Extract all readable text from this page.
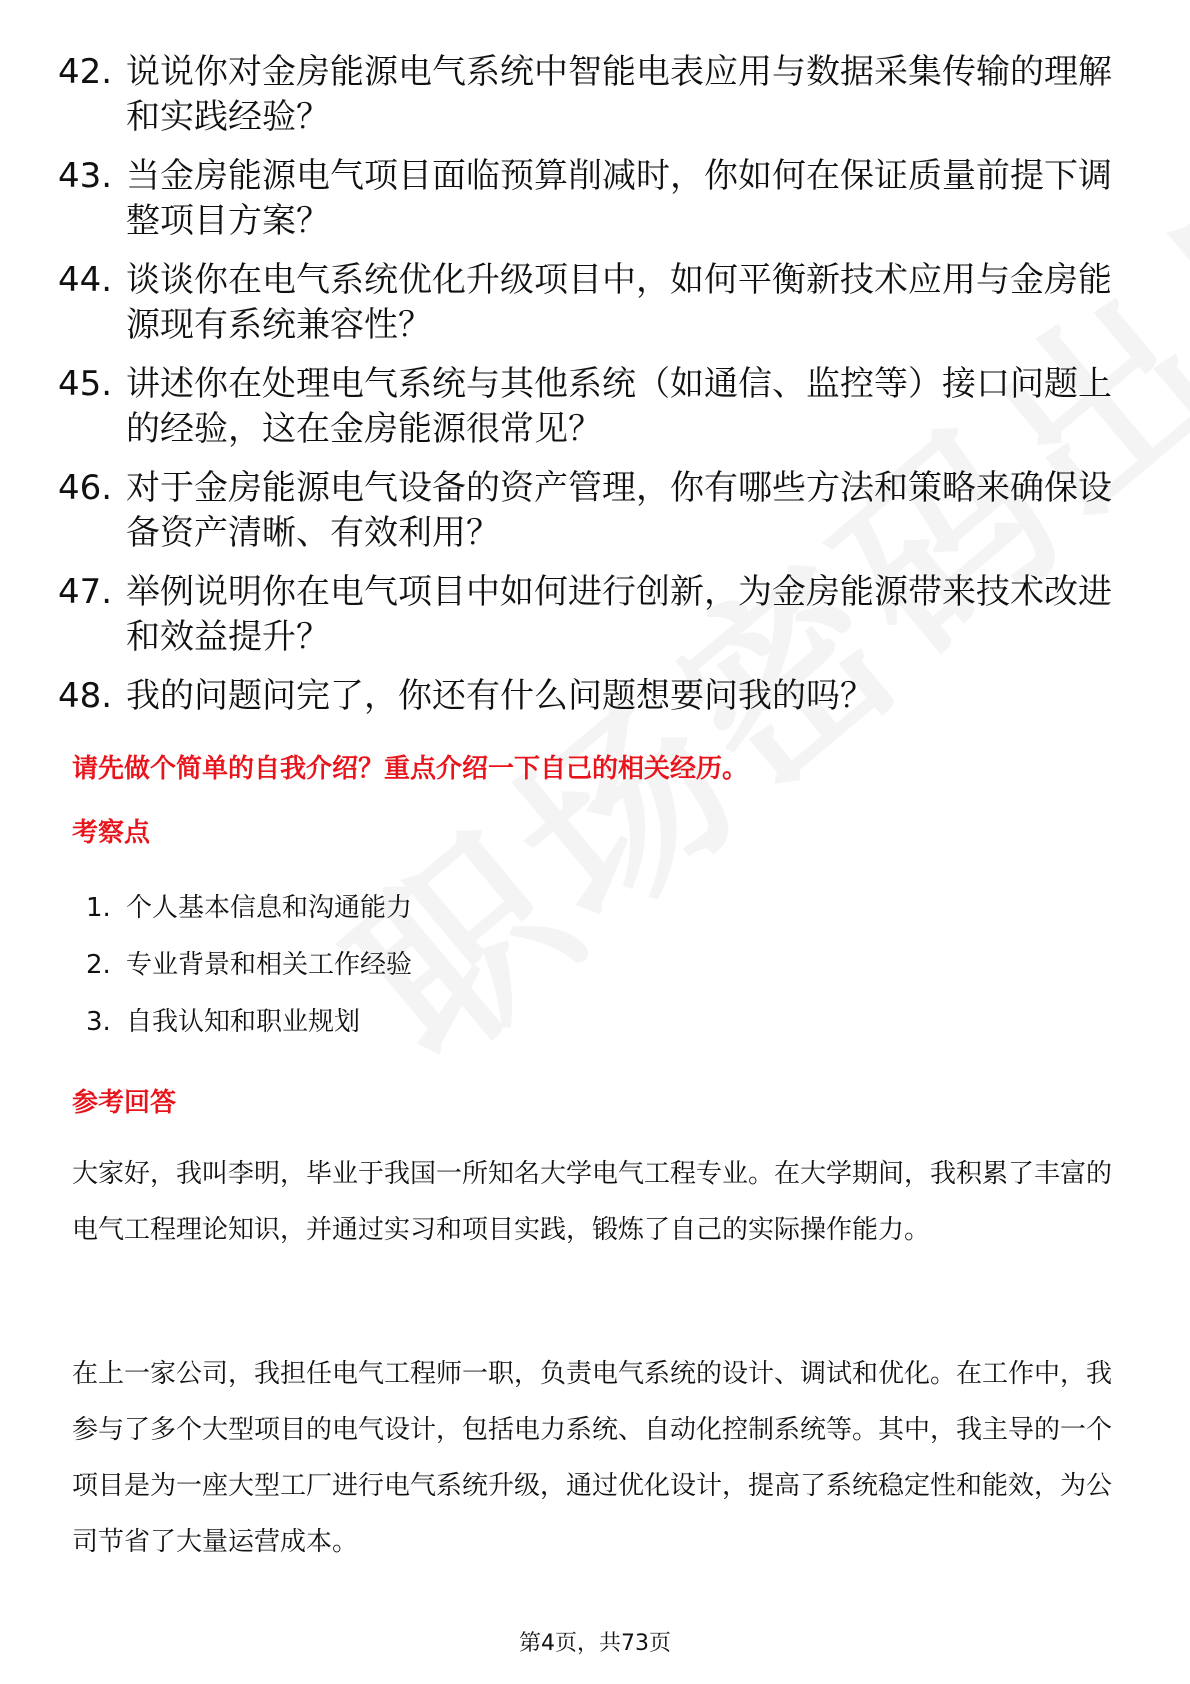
42. 说说你对金房能源电气系统中智能电表应用与数据采集传输的理解和实践经验？
43. 当金房能源电气项目面临预算削减时，你如何在保证质量前提下调整项目方案？
44. 谈谈你在电气系统优化升级项目中，如何平衡新技术应用与金房能源现有系统兼容性？
45. 讲述你在处理电气系统与其他系统（如通信、监控等）接口问题上的经验，这在金房能源很常见？
46. 对于金房能源电气设备的资产管理，你有哪些方法和策略来确保设备资产清晰、有效利用？
47. 举例说明你在电气项目中如何进行创新，为金房能源带来技术改进和效益提升？
48. 我的问题问完了，你还有什么问题想要问我的吗？
请先做个简单的自我介绍？重点介绍一下自己的相关经历。
考察点
1. 个人基本信息和沟通能力
2. 专业背景和相关工作经验
3. 自我认知和职业规划
参考回答
大家好，我叫李明，毕业于我国一所知名大学电气工程专业。在大学期间，我积累了丰富的电气工程理论知识，并通过实习和项目实践，锻炼了自己的实际操作能力。
在上一家公司，我担任电气工程师一职，负责电气系统的设计、调试和优化。在工作中，我参与了多个大型项目的电气设计，包括电力系统、自动化控制系统等。其中，我主导的一个项目是为一座大型工厂进行电气系统升级，通过优化设计，提高了系统稳定性和能效，为公司节省了大量运营成本。
第4页，共73页
